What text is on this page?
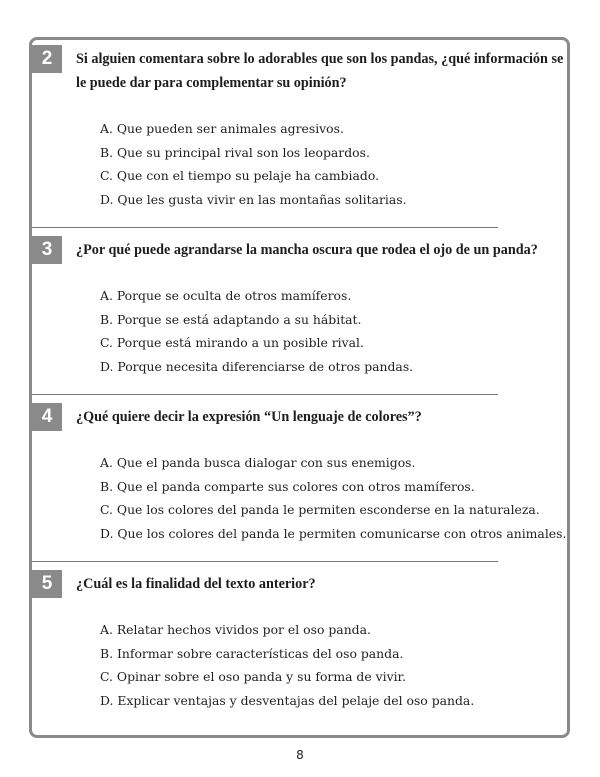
2	Si alguien comentara sobre lo adorables que son los pandas, ¿qué información se le puede dar para complementar su opinión?

A. Que pueden ser animales agresivos.
B. Que su principal rival son los leopardos.
C. Que con el tiempo su pelaje ha cambiado.
D. Que les gusta vivir en las montañas solitarias.
3	¿Por qué puede agrandarse la mancha oscura que rodea el ojo de un panda?

A. Porque se oculta de otros mamíferos.
B. Porque se está adaptando a su hábitat.
C. Porque está mirando a un posible rival.
D. Porque necesita diferenciarse de otros pandas.
4	¿Qué quiere decir la expresión “Un lenguaje de colores”?

A. Que el panda busca dialogar con sus enemigos.
B. Que el panda comparte sus colores con otros mamíferos.
C. Que los colores del panda le permiten esconderse en la naturaleza.
D. Que los colores del panda le permiten comunicarse con otros animales.
5	¿Cuál es la finalidad del texto anterior?

A. Relatar hechos vividos por el oso panda.
B. Informar sobre características del oso panda.
C. Opinar sobre el oso panda y su forma de vivir.
D. Explicar ventajas y desventajas del pelaje del oso panda.
8
